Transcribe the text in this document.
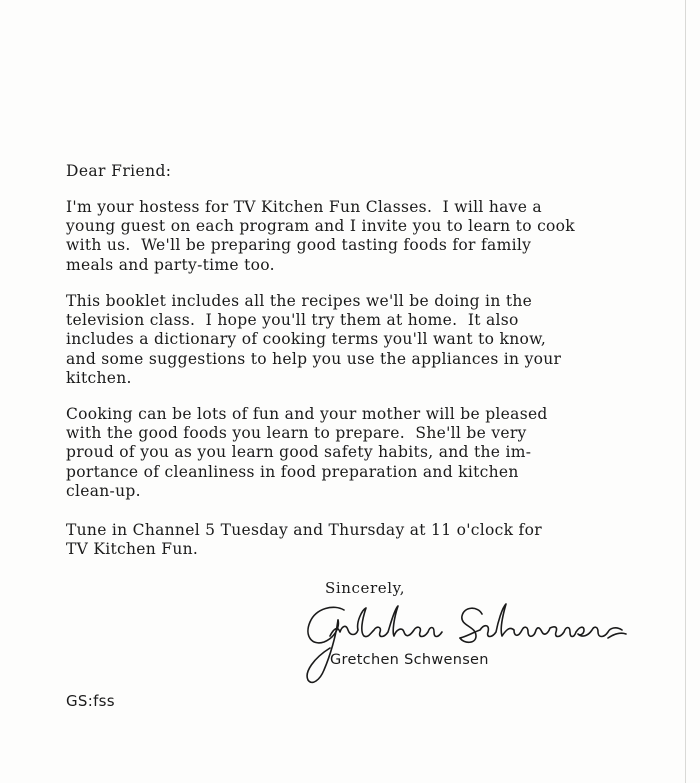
Dear Friend:
I'm your hostess for TV Kitchen Fun Classes.  I will have a
young guest on each program and I invite you to learn to cook
with us.  We'll be preparing good tasting foods for family
meals and party-time too.
This booklet includes all the recipes we'll be doing in the
television class.  I hope you'll try them at home.  It also
includes a dictionary of cooking terms you'll want to know,
and some suggestions to help you use the appliances in your
kitchen.
Cooking can be lots of fun and your mother will be pleased
with the good foods you learn to prepare.  She'll be very
proud of you as you learn good safety habits, and the im-
portance of cleanliness in food preparation and kitchen
clean-up.
Tune in Channel 5 Tuesday and Thursday at 11 o'clock for
TV Kitchen Fun.
Sincerely,
Gretchen Schwensen
GS:fss
